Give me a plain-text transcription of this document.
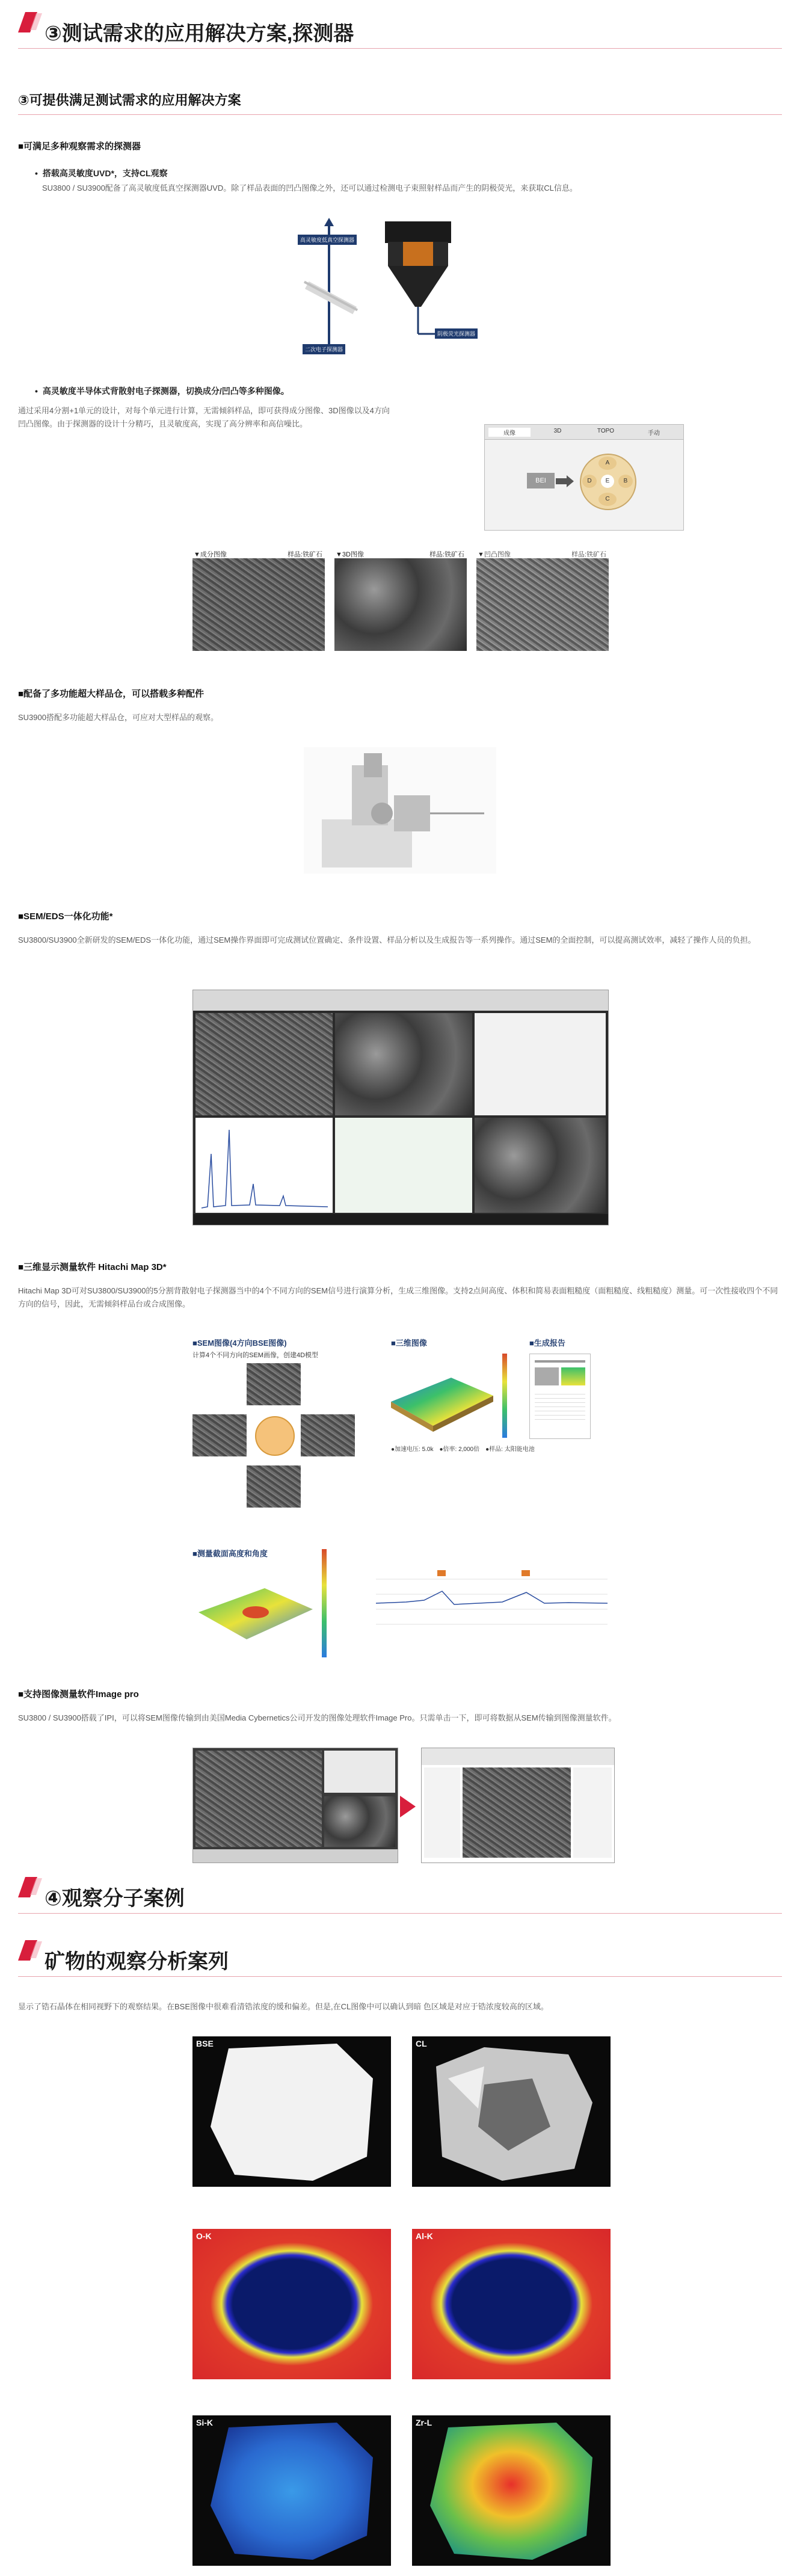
③测试需求的应用解决方案,探测器
③可提供满足测试需求的应用解决方案
■可满足多种观察需求的探测器
• 搭载高灵敏度UVD*，支持CL观察
SU3800 / SU3900配备了高灵敏度低真空探测器UVD。除了样品表面的凹凸图像之外，还可以通过检测电子束照射样品而产生的阴极荧光，来获取CL信息。
高灵敏度低真空探测器
二次电子探测器
阴极荧光探测器
• 高灵敏度半导体式背散射电子探测器，切换成分/凹凸等多种图像。
通过采用4分割+1单元的设计，对每个单元进行计算，无需倾斜样品，即可获得成分图像、3D图像以及4方向凹凸图像。由于探测器的设计十分精巧，且灵敏度高，实现了高分辨率和高信噪比。
成像	3D	TOPO	手动
BEI
A
B
C
D	E
▼成分图像	样品:铁矿石 ▼3D图像	样品:铁矿石 ▼凹凸图像	样品:铁矿石
■配备了多功能超大样品仓，可以搭载多种配件
SU3900搭配多功能超大样品仓，可应对大型样品的观察。
■SEM/EDS一体化功能*
SU3800/SU3900全新研发的SEM/EDS一体化功能，通过SEM操作界面即可完成测试位置确定、条件设置、样品分析以及生成报告等一系列操作。通过SEM的全面控制，可以提高测试效率，减轻了操作人员的负担。
■三维显示测量软件 Hitachi Map 3D*
Hitachi Map 3D可对SU3800/SU3900的5分割背散射电子探测器当中的4个不同方向的SEM信号进行演算分析，生成三维图像。支持2点间高度、体积和简易表面粗糙度（面粗糙度、线粗糙度）测量。可一次性接收四个不同方向的信号，因此，无需倾斜样品台或合成图像。
■SEM图像(4方向BSE图像)
计算4个不同方向的SEM画像，创建4D模型
■三维图像	■生成报告
●加速电压: 5.0k　●倍率: 2,000倍　●样品: 太阳能电池
■测量截面高度和角度
■支持图像测量软件Image pro
SU3800 / SU3900搭载了IPI，可以将SEM图像传输到由美国Media Cybernetics公司开发的图像处理软件Image Pro。只需单击一下，即可将数据从SEM传输到图像测量软件。
④观察分子案例
矿物的观察分析案列
显示了锆石晶体在相同视野下的观察结果。在BSE图像中很难看清锆浓度的缓和偏差。但是,在CL图像中可以确认到暗 色区域是对应于锆浓度较高的区域。
BSE	CL
O-K	Al-K
Si-K	Zr-L
